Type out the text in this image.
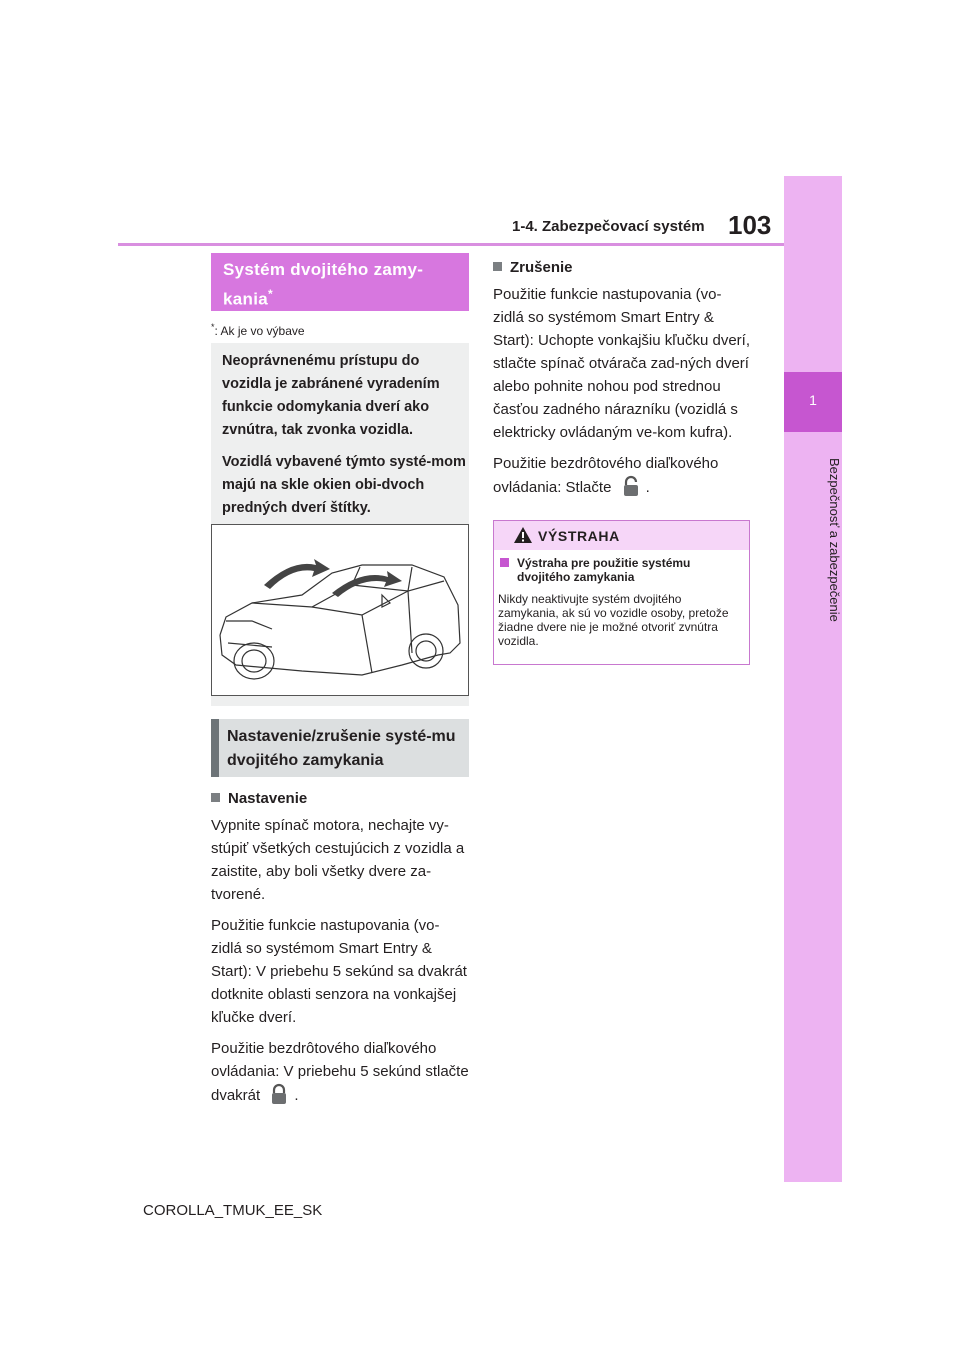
1-4. Zabezpečovací systém 103
1
Bezpečnosť a zabezpečenie
Systém dvojitého zamy-
kania*
*: Ak je vo výbave

Neoprávnenému prístupu do vozidla je zabránené vyradením funkcie odomykania dverí ako zvnútra, tak zvonka vozidla.

Vozidlá vybavené týmto systé-mom majú na skle okien obi-dvoch predných dverí štítky.

Nastavenie/zrušenie systé-mu dvojitého zamykania
Nastavenie

Vypnite spínač motora, nechajte vy-stúpiť všetkých cestujúcich z vozidla a zaistite, aby boli všetky dvere za-tvorené.

Použitie funkcie nastupovania (vo-zidlá so systémom Smart Entry & Start): V priebehu 5 sekúnd sa dvakrát dotknite oblasti senzora na vonkajšej kľučke dverí.

Použitie bezdrôtového diaľkového ovládania: V priebehu 5 sekúnd stlačte dvakrát .

Zrušenie

Použitie funkcie nastupovania (vo-zidlá so systémom Smart Entry & Start): Uchopte vonkajšiu kľučku dverí, stlačte spínač otvárača zad-ných dverí alebo pohnite nohou pod strednou časťou zadného nárazníku (vozidlá s elektricky ovládaným ve-kom kufra).

Použitie bezdrôtového diaľkového ovládania: Stlačte .

VÝSTRAHA
Výstraha pre použitie systému dvojitého zamykania
Nikdy neaktivujte systém dvojitého zamykania, ak sú vo vozidle osoby, pretože žiadne dvere nie je možné otvoriť zvnútra vozidla.
COROLLA_TMUK_EE_SK
